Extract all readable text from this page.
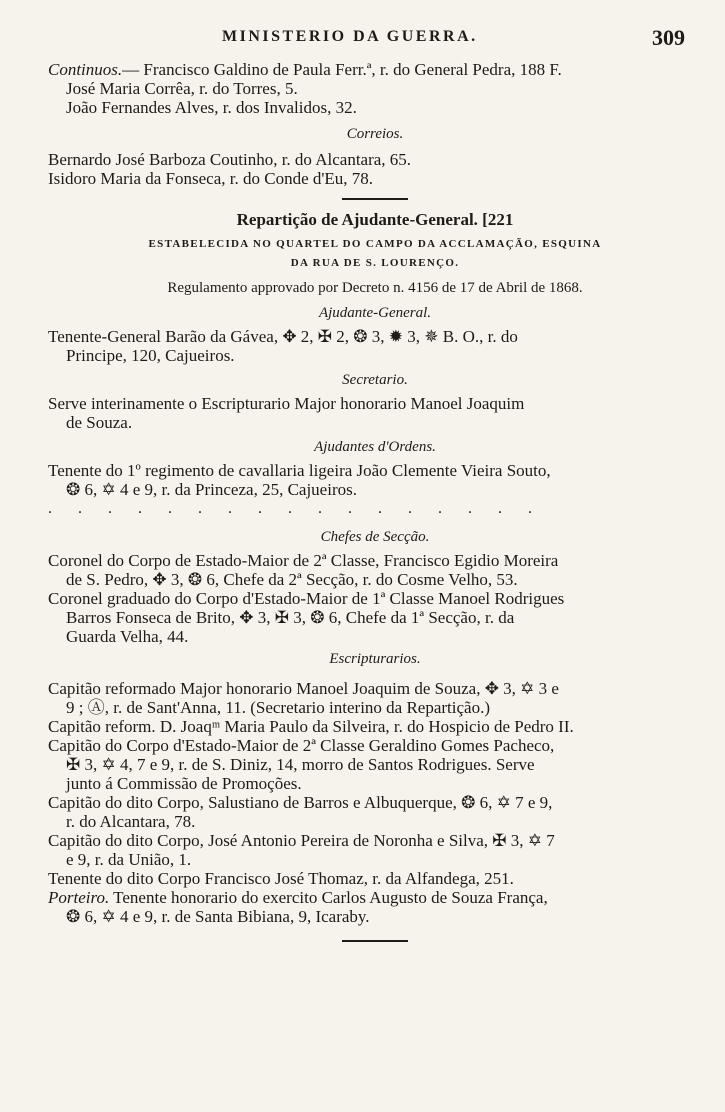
MINISTERIO DA GUERRA.	309
Continuos.— Francisco Galdino de Paula Ferr.ª, r. do General Pedra, 188 F.
José Maria Corrêa, r. do Torres, 5.
João Fernandes Alves, r. dos Invalidos, 32.
Correios.
Bernardo José Barboza Coutinho, r. do Alcantara, 65.
Isidoro Maria da Fonseca, r. do Conde d'Eu, 78.
Repartição de Ajudante-General. [221
ESTABELECIDA NO QUARTEL DO CAMPO DA ACCLAMAÇÃO, ESQUINA
DA RUA DE S. LOURENÇO.
Regulamento approvado por Decreto n. 4156 de 17 de Abril de 1868.
Ajudante-General.
Tenente-General Barão da Gávea, ✥ 2, ✠ 2, ❂ 3, ✹ 3, ✵ B. O., r. do
Principe, 120, Cajueiros.
Secretario.
Serve interinamente o Escripturario Major honorario Manoel Joaquim
de Souza.
Ajudantes d'Ordens.
Tenente do 1º regimento de cavallaria ligeira João Clemente Vieira Souto,
❂ 6, ✡ 4 e 9, r. da Princeza, 25, Cajueiros.
. . . . . . . . . . . . . . . . .
Chefes de Secção.
Coronel do Corpo de Estado-Maior de 2ª Classe, Francisco Egidio Moreira
de S. Pedro, ✥ 3, ❂ 6, Chefe da 2ª Secção, r. do Cosme Velho, 53.
Coronel graduado do Corpo d'Estado-Maior de 1ª Classe Manoel Rodrigues
Barros Fonseca de Brito, ✥ 3, ✠ 3, ❂ 6, Chefe da 1ª Secção, r. da
Guarda Velha, 44.
Escripturarios.
Capitão reformado Major honorario Manoel Joaquim de Souza, ✥ 3, ✡ 3 e
9 ; Ⓐ, r. de Sant'Anna, 11. (Secretario interino da Repartição.)
Capitão reform. D. Joaqᵐ Maria Paulo da Silveira, r. do Hospicio de Pedro II.
Capitão do Corpo d'Estado-Maior de 2ª Classe Geraldino Gomes Pacheco,
✠ 3, ✡ 4, 7 e 9, r. de S. Diniz, 14, morro de Santos Rodrigues. Serve
junto á Commissão de Promoções.
Capitão do dito Corpo, Salustiano de Barros e Albuquerque, ❂ 6, ✡ 7 e 9,
r. do Alcantara, 78.
Capitão do dito Corpo, José Antonio Pereira de Noronha e Silva, ✠ 3, ✡ 7
e 9, r. da União, 1.
Tenente do dito Corpo Francisco José Thomaz, r. da Alfandega, 251.
Porteiro. Tenente honorario do exercito Carlos Augusto de Souza França,
❂ 6, ✡ 4 e 9, r. de Santa Bibiana, 9, Icaraby.
